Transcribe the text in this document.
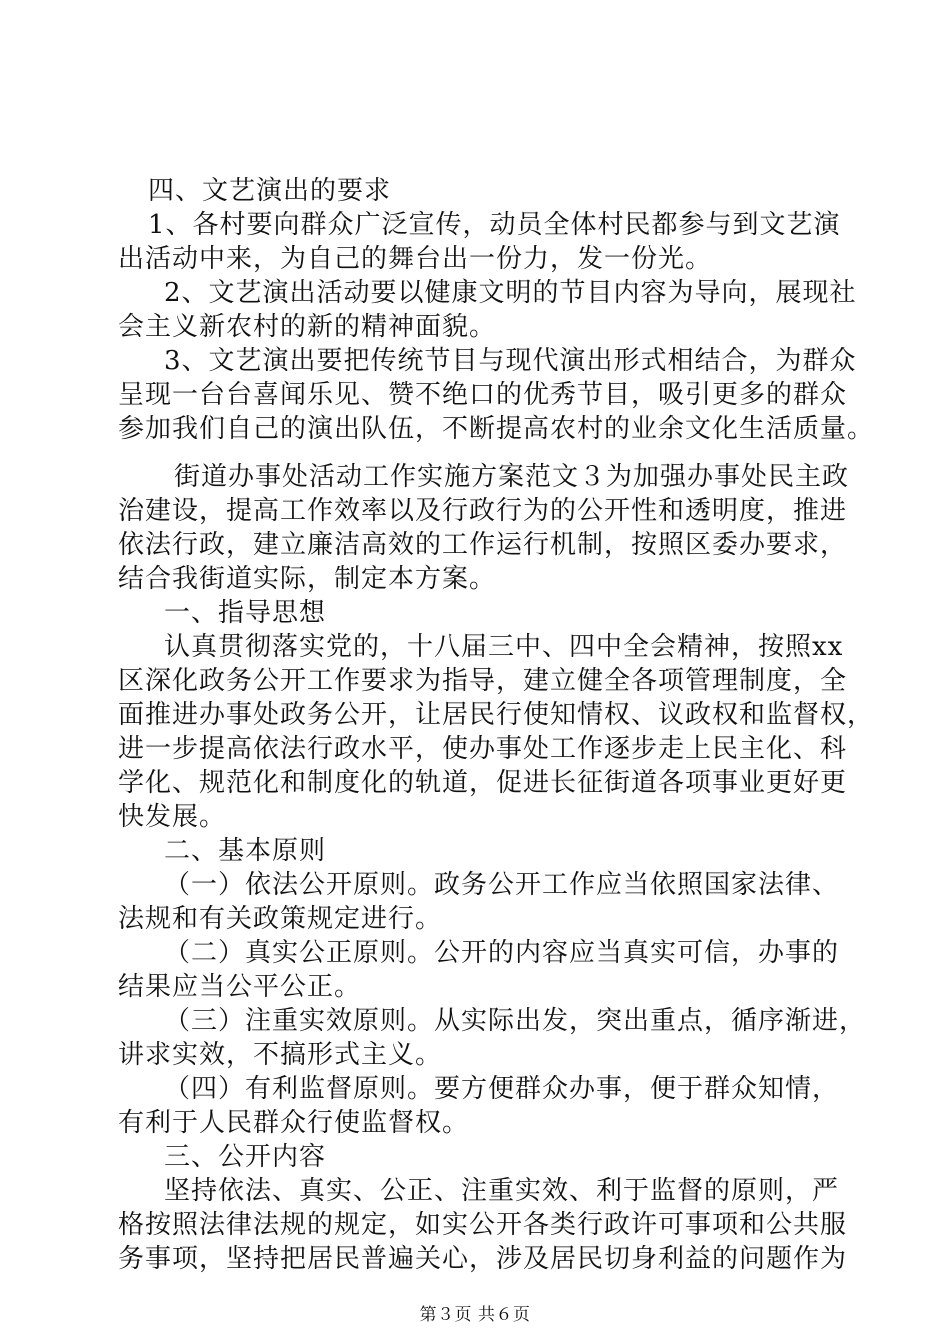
四、文艺演出的要求
1、各村要向群众广泛宣传，动员全体村民都参与到文艺演
出活动中来，为自己的舞台出一份力，发一份光。
2、文艺演出活动要以健康文明的节目内容为导向，展现社
会主义新农村的新的精神面貌。
3、文艺演出要把传统节目与现代演出形式相结合，为群众
呈现一台台喜闻乐见、赞不绝口的优秀节目，吸引更多的群众
参加我们自己的演出队伍，不断提高农村的业余文化生活质量。
街道办事处活动工作实施方案范文３为加强办事处民主政
治建设，提高工作效率以及行政行为的公开性和透明度，推进
依法行政，建立廉洁高效的工作运行机制，按照区委办要求，
结合我街道实际，制定本方案。
一、指导思想
认真贯彻落实党的，十八届三中、四中全会精神，按照xx
区深化政务公开工作要求为指导，建立健全各项管理制度，全
面推进办事处政务公开，让居民行使知情权、议政权和监督权，
进一步提高依法行政水平，使办事处工作逐步走上民主化、科
学化、规范化和制度化的轨道，促进长征街道各项事业更好更
快发展。
二、基本原则
（一）依法公开原则。政务公开工作应当依照国家法律、
法规和有关政策规定进行。
（二）真实公正原则。公开的内容应当真实可信，办事的
结果应当公平公正。
（三）注重实效原则。从实际出发，突出重点，循序渐进，
讲求实效，不搞形式主义。
（四）有利监督原则。要方便群众办事，便于群众知情，
有利于人民群众行使监督权。
三、公开内容
坚持依法、真实、公正、注重实效、利于监督的原则，严
格按照法律法规的规定，如实公开各类行政许可事项和公共服
务事项，坚持把居民普遍关心，涉及居民切身利益的问题作为
第３页 共６页
